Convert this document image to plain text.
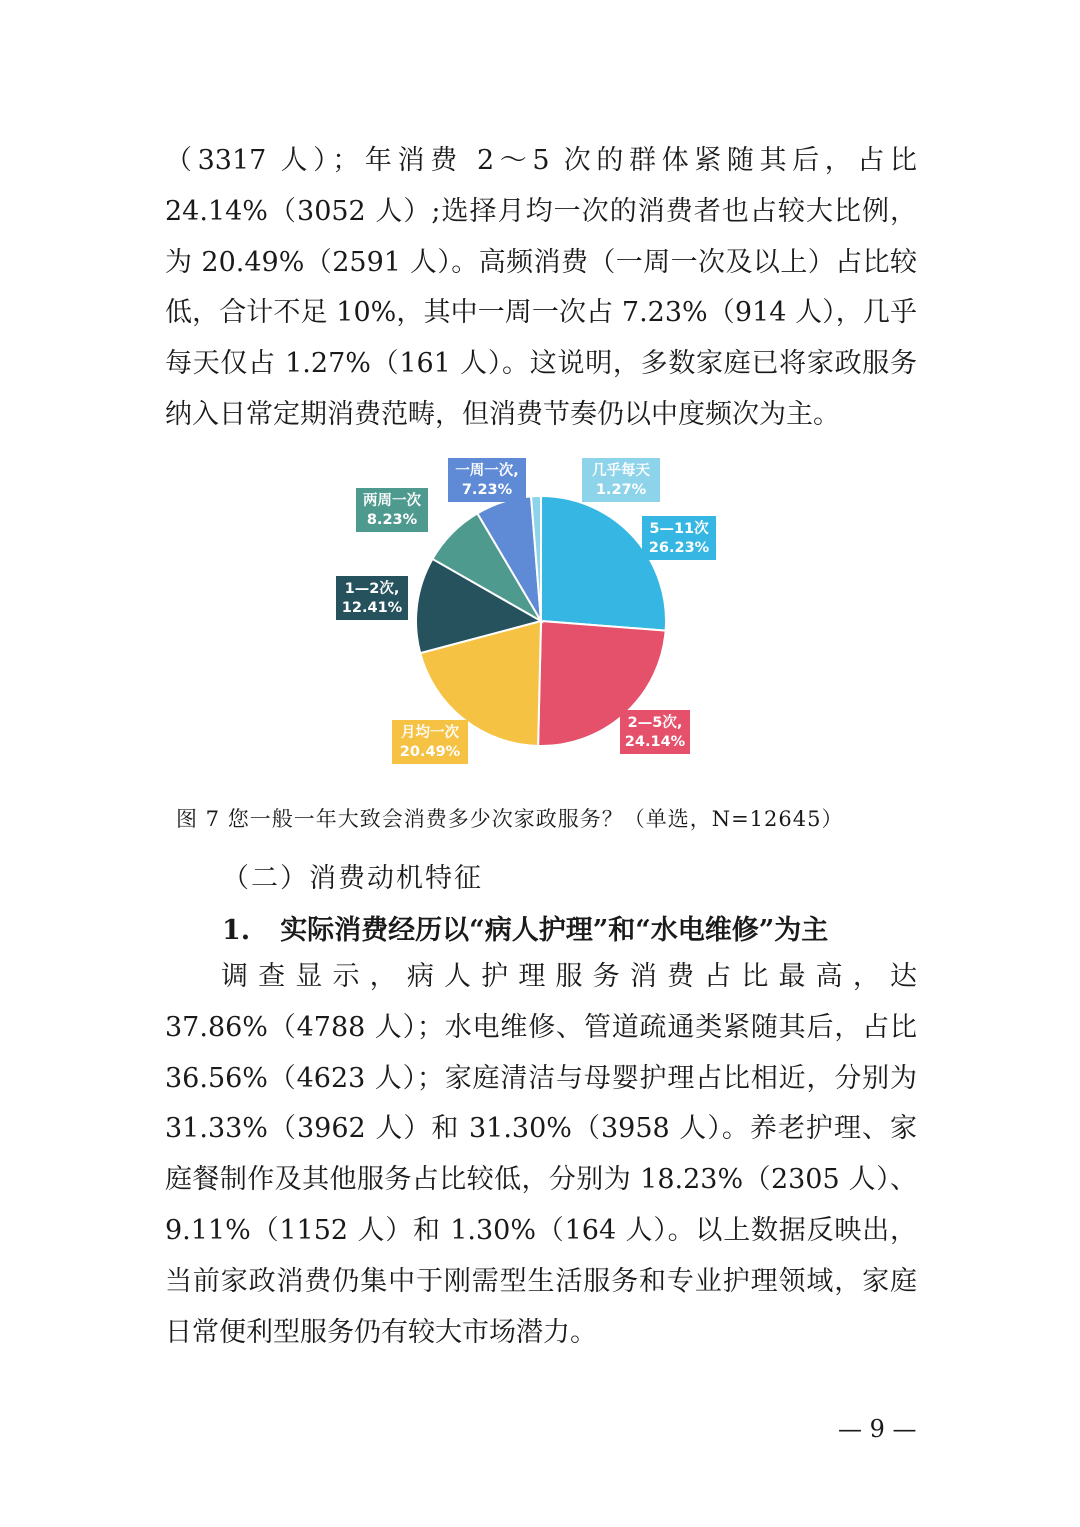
（3317 人）；年消费 2～5 次的群体紧随其后，占比 24.14%（3052 人）;选择月均一次的消费者也占较大比例，为 20.49%（2591 人）。高频消费（一周一次及以上）占比较低，合计不足 10%，其中一周一次占 7.23%（914 人），几乎每天仅占 1.27%（161 人）。这说明，多数家庭已将家政服务纳入日常定期消费范畴，但消费节奏仍以中度频次为主。

5—11次
26.23%
2—5次,
24.14%
月均一次
20.49%
1—2次,
12.41%
两周一次
8.23%
一周一次,
7.23%
几乎每天
1.27%
图 7 您一般一年大致会消费多少次家政服务？（单选，N=12645）
（二）消费动机特征
1. 实际消费经历以“病人护理”和“水电维修”为主

调查显示，病人护理服务消费占比最高，达 37.86%（4788 人）；水电维修、管道疏通类紧随其后，占比 36.56%（4623 人）；家庭清洁与母婴护理占比相近，分别为 31.33%（3962 人）和 31.30%（3958 人）。养老护理、家庭餐制作及其他服务占比较低，分别为 18.23%（2305 人）、9.11%（1152 人）和 1.30%（164 人）。以上数据反映出，当前家政消费仍集中于刚需型生活服务和专业护理领域，家庭日常便利型服务仍有较大市场潜力。

— 9 —
